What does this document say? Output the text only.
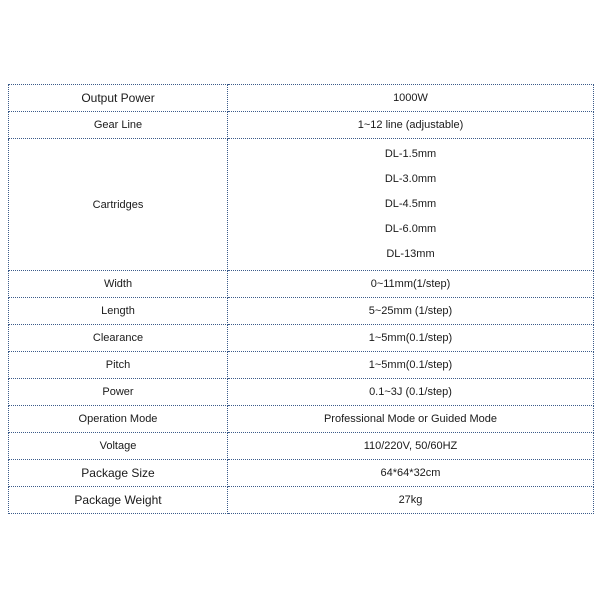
Output Power	1000W
Gear Line	1~12 line (adjustable)
Cartridges	DL-1.5mm
DL-3.0mm
DL-4.5mm
DL-6.0mm
DL-13mm

Width	0~11mm(1/step)
Length	5~25mm (1/step)
Clearance	1~5mm(0.1/step)
Pitch	1~5mm(0.1/step)
Power	0.1~3J (0.1/step)
Operation Mode	Professional Mode or Guided Mode
Voltage	110/220V, 50/60HZ
Package Size	64*64*32cm
Package Weight	27kg
